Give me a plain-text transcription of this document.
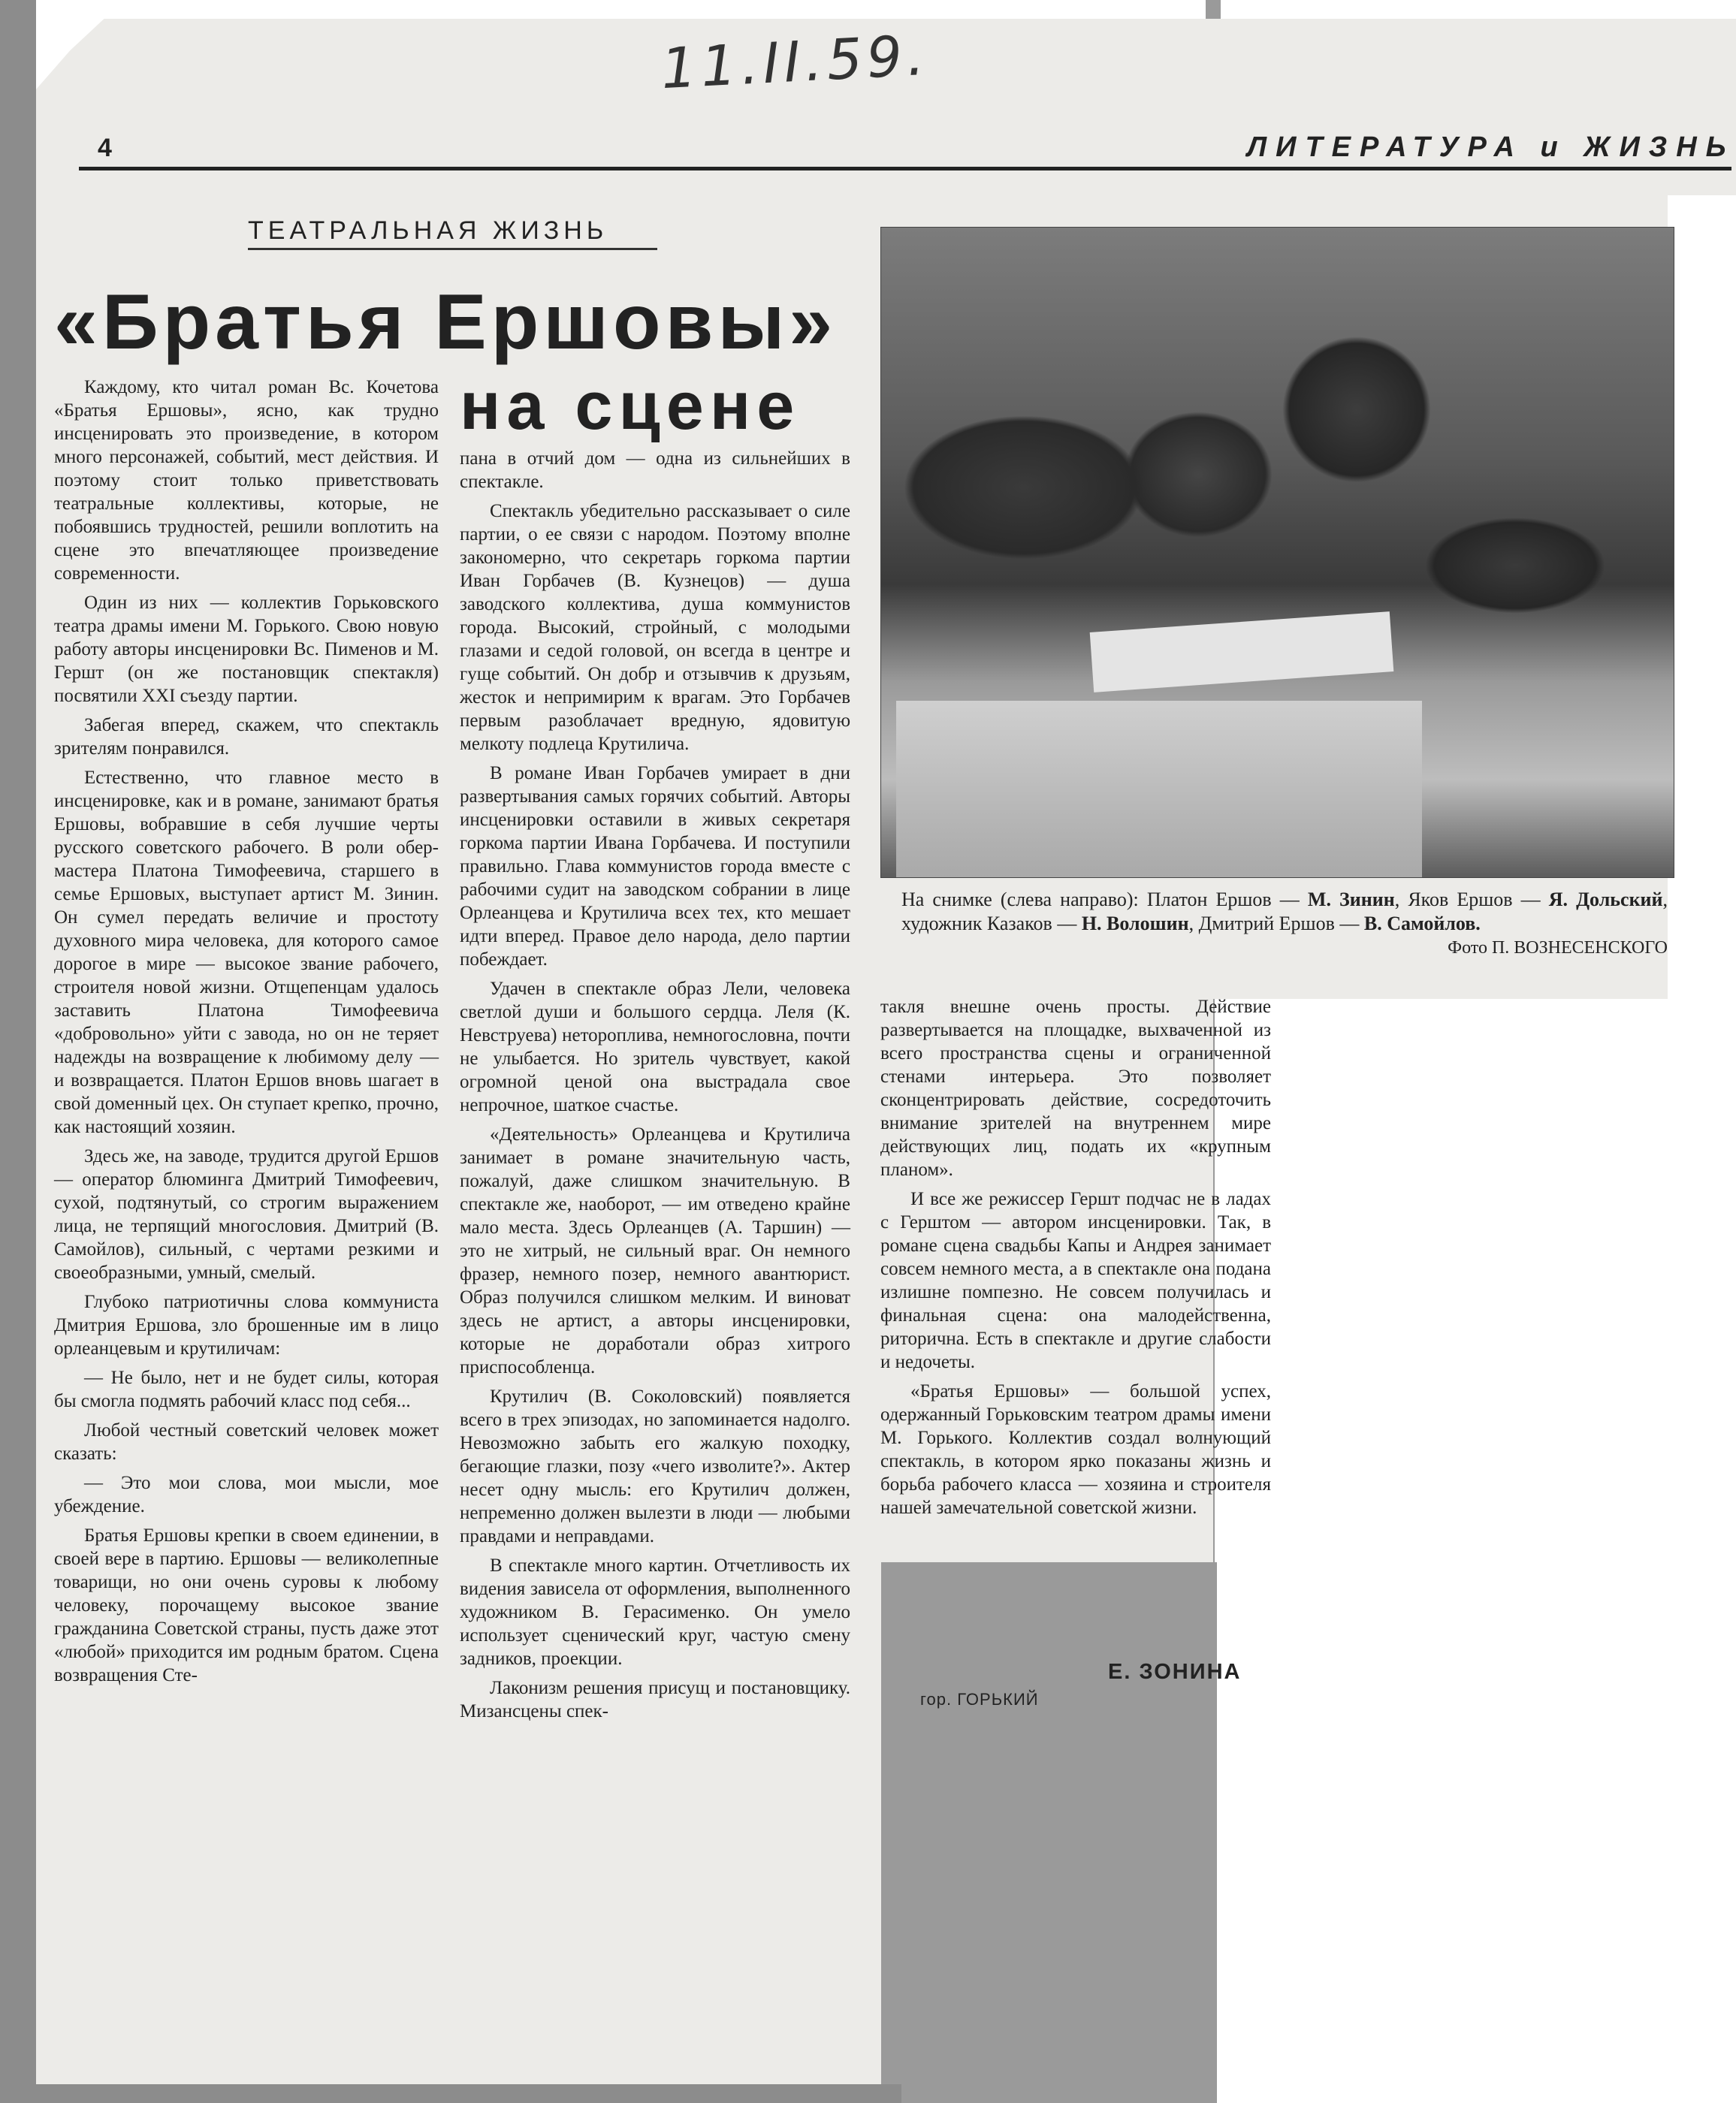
11.II.59.
4	ЛИТЕРАТУРА и ЖИЗНЬ
ТЕАТРАЛЬНАЯ ЖИЗНЬ
«Братья Ершовы»
на сцене

Каждому, кто читал роман Вс. Кочетова «Братья Ершовы», ясно, как трудно инсценировать это произведение, в котором много персонажей, событий, мест действия. И поэтому стоит только приветствовать театральные коллективы, которые, не побоявшись трудностей, решили воплотить на сцене это впечатляющее произведение современности.

Один из них — коллектив Горьковского театра драмы имени М. Горького. Свою новую работу авторы инсценировки Вс. Пименов и М. Гершт (он же постановщик спектакля) посвятили XXI съезду партии.

Забегая вперед, скажем, что спектакль зрителям понравился.

Естественно, что главное место в инсценировке, как и в романе, занимают братья Ершовы, вобравшие в себя лучшие черты русского советского рабочего. В роли обер-мастера Платона Тимофеевича, старшего в семье Ершовых, выступает артист М. Зинин. Он сумел передать величие и простоту духовного мира человека, для которого самое дорогое в мире — высокое звание рабочего, строителя новой жизни. Отщепенцам удалось заставить Платона Тимофеевича «добровольно» уйти с завода, но он не теряет надежды на возвращение к любимому делу — и возвращается. Платон Ершов вновь шагает в свой доменный цех. Он ступает крепко, прочно, как настоящий хозяин.

Здесь же, на заводе, трудится другой Ершов — оператор блюминга Дмитрий Тимофеевич, сухой, подтянутый, со строгим выражением лица, не терпящий многословия. Дмитрий (В. Самойлов), сильный, с чертами резкими и своеобразными, умный, смелый.

Глубоко патриотичны слова коммуниста Дмитрия Ершова, зло брошенные им в лицо орлеанцевым и крутиличам:

— Не было, нет и не будет силы, которая бы смогла подмять рабочий класс под себя...

Любой честный советский человек может сказать:

— Это мои слова, мои мысли, мое убеждение.

Братья Ершовы крепки в своем единении, в своей вере в партию. Ершовы — великолепные товарищи, но они очень суровы к любому человеку, порочащему высокое звание гражданина Советской страны, пусть даже этот «любой» приходится им родным братом. Сцена возвращения Сте-

пана в отчий дом — одна из сильнейших в спектакле.

Спектакль убедительно рассказывает о силе партии, о ее связи с народом. Поэтому вполне закономерно, что секретарь горкома партии Иван Горбачев (В. Кузнецов) — душа заводского коллектива, душа коммунистов города. Высокий, стройный, с молодыми глазами и седой головой, он всегда в центре и гуще событий. Он добр и отзывчив к друзьям, жесток и непримирим к врагам. Это Горбачев первым разоблачает вредную, ядовитую мелкоту подлеца Крутилича.

В романе Иван Горбачев умирает в дни развертывания самых горячих событий. Авторы инсценировки оставили в живых секретаря горкома партии Ивана Горбачева. И поступили правильно. Глава коммунистов города вместе с рабочими судит на заводском собрании в лице Орлеанцева и Крутилича всех тех, кто мешает идти вперед. Правое дело народа, дело партии побеждает.

Удачен в спектакле образ Лели, человека светлой души и большого сердца. Леля (К. Невструева) неторопливa, немногословна, почти не улыбается. Но зритель чувствует, какой огромной ценой она выстрадала свое непрочное, шаткое счастье.

«Деятельность» Орлеанцева и Крутилича занимает в романе значительную часть, пожалуй, даже слишком значительную. В спектакле же, наоборот, — им отведено крайне мало места. Здесь Орлеанцев (А. Таршин) — это не хитрый, не сильный враг. Он немного фразер, немного позер, немного авантюрист. Образ получился слишком мелким. И виноват здесь не артист, а авторы инсценировки, которые не доработали образ хитрого приспособленца.

Крутилич (В. Соколовский) появляется всего в трех эпизодах, но запоминается надолго. Невозможно забыть его жалкую походку, бегающие глазки, позу «чего изволите?». Актер несет одну мысль: его Крутилич должен, непременно должен вылезти в люди — любыми правдами и неправдами.

В спектакле много картин. Отчетливость их видения зависела от оформления, выполненного художником В. Герасименко. Он умело использует сценический круг, частую смену задников, проекции.

Лаконизм решения присущ и постановщику. Мизансцены спек-

На снимке (слева направо): Платон Ершов — М. Зинин, Яков Ершов — Я. Дольский, художник Казаков — Н. Волошин, Дмитрий Ершов — В. Самойлов.
Фото П. ВОЗНЕСЕНСКОГО

такля внешне очень просты. Действие развертывается на площадке, выхваченной из всего пространства сцены и ограниченной стенами интерьера. Это позволяет сконцентрировать действие, сосредоточить внимание зрителей на внутреннем мире действующих лиц, подать их «крупным планом».

И все же режиссер Гершт подчас не в ладах с Герштом — автором инсценировки. Так, в романе сцена свадьбы Капы и Андрея занимает совсем немного места, а в спектакле она подана излишне помпезно. Не совсем получилась и финальная сцена: она малодейственна, риторична. Есть в спектакле и другие слабости и недочеты.

«Братья Ершовы» — большой успех, одержанный Горьковским театром драмы имени М. Горького. Коллектив создал волнующий спектакль, в котором ярко показаны жизнь и борьба рабочего класса — хозяина и строителя нашей замечательной советской жизни.

Е. ЗОНИНА
гор. ГОРЬКИЙ
